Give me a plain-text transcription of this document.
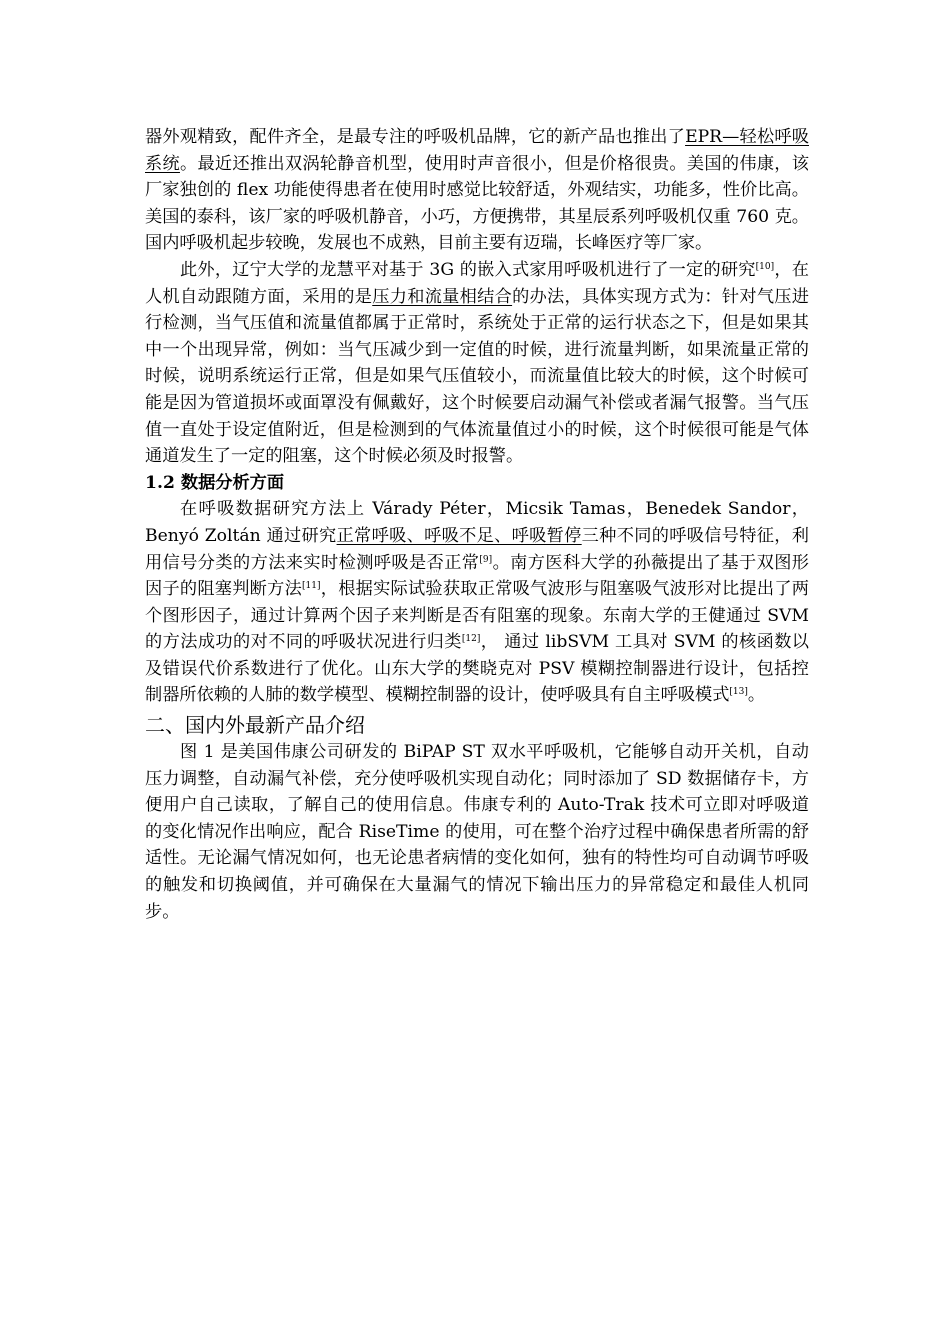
器外观精致，配件齐全，是最专注的呼吸机品牌，它的新产品也推出了EPR—轻松呼吸系统。最近还推出双涡轮静音机型，使用时声音很小，但是价格很贵。美国的伟康，该厂家独创的 flex 功能使得患者在使用时感觉比较舒适，外观结实，功能多，性价比高。美国的泰科，该厂家的呼吸机静音，小巧，方便携带，其星辰系列呼吸机仅重 760 克。国内呼吸机起步较晚，发展也不成熟，目前主要有迈瑞，长峰医疗等厂家。

此外，辽宁大学的龙慧平对基于 3G 的嵌入式家用呼吸机进行了一定的研究[10]，在人机自动跟随方面，采用的是压力和流量相结合的办法，具体实现方式为：针对气压进行检测，当气压值和流量值都属于正常时，系统处于正常的运行状态之下，但是如果其中一个出现异常，例如：当气压减少到一定值的时候，进行流量判断，如果流量正常的时候，说明系统运行正常，但是如果气压值较小，而流量值比较大的时候，这个时候可能是因为管道损坏或面罩没有佩戴好，这个时候要启动漏气补偿或者漏气报警。当气压值一直处于设定值附近，但是检测到的气体流量值过小的时候，这个时候很可能是气体通道发生了一定的阻塞，这个时候必须及时报警。

1.2 数据分析方面

在呼吸数据研究方法上 Várady Péter，Micsik Tamas，Benedek Sandor，Benyó Zoltán 通过研究正常呼吸、呼吸不足、呼吸暂停三种不同的呼吸信号特征，利用信号分类的方法来实时检测呼吸是否正常[9]。南方医科大学的孙薇提出了基于双图形因子的阻塞判断方法[11]，根据实际试验获取正常吸气波形与阻塞吸气波形对比提出了两个图形因子，通过计算两个因子来判断是否有阻塞的现象。东南大学的王健通过 SVM 的方法成功的对不同的呼吸状况进行归类[12]， 通过 libSVM 工具对 SVM 的核函数以及错误代价系数进行了优化。山东大学的樊晓克对 PSV 模糊控制器进行设计，包括控制器所依赖的人肺的数学模型、模糊控制器的设计，使呼吸具有自主呼吸模式[13]。

二、国内外最新产品介绍

图 1 是美国伟康公司研发的 BiPAP ST 双水平呼吸机，它能够自动开关机，自动压力调整，自动漏气补偿，充分使呼吸机实现自动化；同时添加了 SD 数据储存卡，方便用户自己读取，了解自己的使用信息。伟康专利的 Auto-Trak 技术可立即对呼吸道的变化情况作出响应，配合 RiseTime 的使用，可在整个治疗过程中确保患者所需的舒适性。无论漏气情况如何，也无论患者病情的变化如何，独有的特性均可自动调节呼吸的触发和切换阈值，并可确保在大量漏气的情况下输出压力的异常稳定和最佳人机同步。
